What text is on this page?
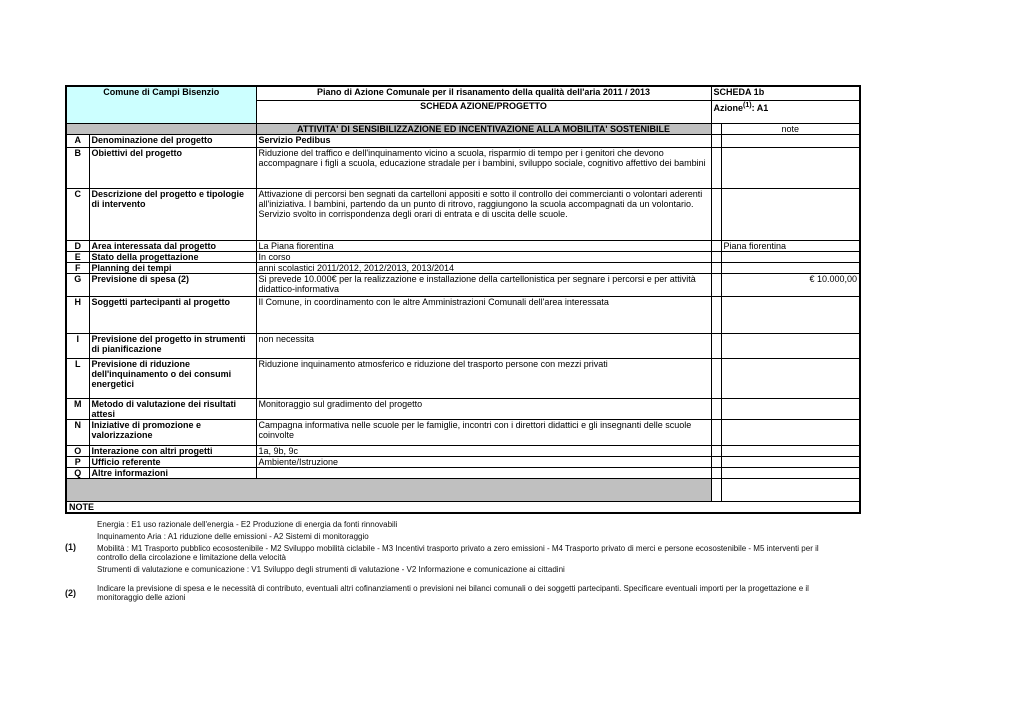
Comune di Campi Bisenzio		Piano di Azione Comunale per il risanamento della qualità dell'aria 2011 / 2013	SCHEDA 1b	
		SCHEDA AZIONE/PROGETTO	Azione$^{(1)}$: A1	
		ATTIVITA' DI SENSIBILIZZAZIONE ED INCENTIVAZIONE ALLA MOBILITA' SOSTENIBILE		note
A	Denominazione del progetto	Servizio Pedibus		
B	Obiettivi del progetto	Riduzione del traffico e dell'inquinamento vicino a scuola, risparmio di tempo per i genitori che devono accompagnare i figli a scuola, educazione stradale per i bambini, sviluppo sociale, cognitivo affettivo dei bambini		
C	Descrizione del progetto e tipologie di intervento	Attivazione di percorsi ben segnati da cartelloni appositi e sotto il controllo dei commercianti o volontari aderenti all'iniziativa. I bambini, partendo da un punto di ritrovo, raggiungono la scuola accompagnati da un volontario. Servizio svolto in corrispondenza degli orari di entrata e di uscita delle scuole.		
D	Area interessata dal progetto	La Piana fiorentina		Piana fiorentina
E	Stato della progettazione	In corso		
F	Planning dei tempi	anni scolastici 2011/2012, 2012/2013, 2013/2014		
G	Previsione di spesa (2)	Si prevede 10.000€ per la realizzazione e installazione della cartellonistica per segnare i percorsi e per attività didattico-informativa		€ 10.000,00
H	Soggetti partecipanti al progetto	Il Comune, in coordinamento con le altre Amministrazioni Comunali dell'area interessata		
I	Previsione del progetto in strumenti di pianificazione	non necessita		
L	Previsione di riduzione dell'inquinamento o dei consumi energetici	Riduzione inquinamento atmosferico e riduzione del trasporto persone con mezzi privati		
M	Metodo di valutazione dei risultati attesi	Monitoraggio sul gradimento del progetto		
N	Iniziative di promozione e valorizzazione	Campagna informativa nelle scuole per le famiglie, incontri con i direttori didattici e gli insegnanti delle scuole coinvolte		
O	Interazione con altri progetti	1a, 9b, 9c		
P	Ufficio referente	Ambiente/Istruzione		
Q	Altre informazioni			

NOTE				
(1)
Energia : E1 uso razionale dell'energia - E2 Produzione di energia da fonti rinnovabili
Inquinamento Aria : A1 riduzione delle emissioni - A2 Sistemi di monitoraggio
Mobilità : M1 Trasporto pubblico ecosostenibile - M2 Sviluppo mobilità ciclabile - M3 Incentivi trasporto privato a zero emissioni - M4 Trasporto privato di merci e persone ecosostenibile - M5 interventi per il controllo della circolazione e limitazione della velocità
Strumenti di valutazione e comunicazione : V1 Sviluppo degli strumenti di valutazione - V2 Informazione e comunicazione ai cittadini
(2)	Indicare la previsione di spesa e le necessità di contributo, eventuali altri cofinanziamenti o previsioni nei bilanci comunali o dei soggetti partecipanti. Specificare eventuali importi per la progettazione e il monitoraggio delle azioni
